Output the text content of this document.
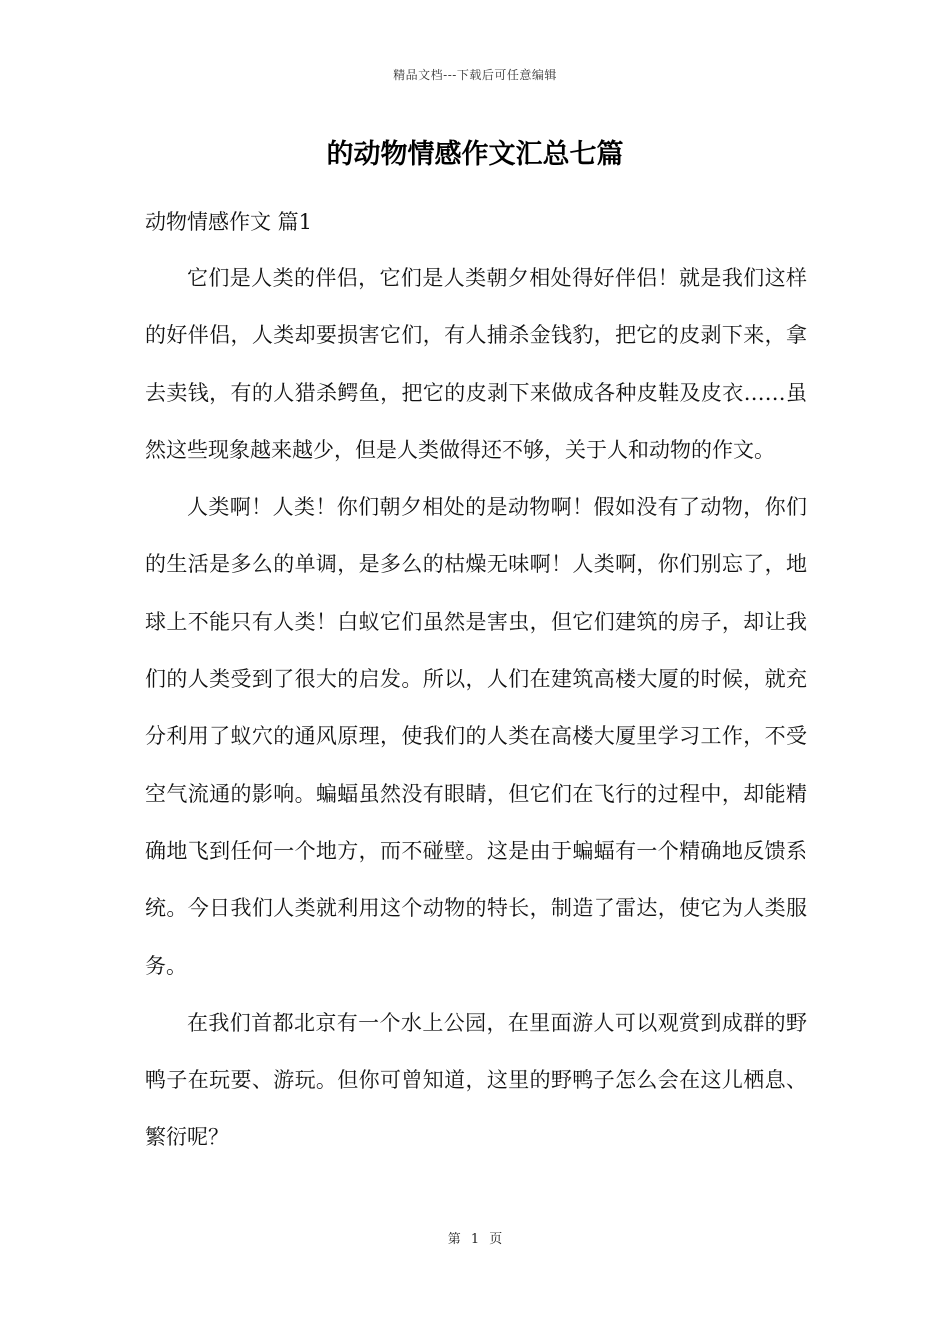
精品文档---下载后可任意编辑
的动物情感作文汇总七篇
动物情感作文 篇1

它们是人类的伴侣，它们是人类朝夕相处得好伴侣！就是我们这样的好伴侣，人类却要损害它们，有人捕杀金钱豹，把它的皮剥下来，拿去卖钱，有的人猎杀鳄鱼，把它的皮剥下来做成各种皮鞋及皮衣……虽然这些现象越来越少，但是人类做得还不够，关于人和动物的作文。

人类啊！人类！你们朝夕相处的是动物啊！假如没有了动物，你们的生活是多么的单调，是多么的枯燥无味啊！人类啊，你们别忘了，地球上不能只有人类！白蚁它们虽然是害虫，但它们建筑的房子，却让我们的人类受到了很大的启发。所以，人们在建筑高楼大厦的时候，就充分利用了蚁穴的通风原理，使我们的人类在高楼大厦里学习工作，不受空气流通的影响。蝙蝠虽然没有眼睛，但它们在飞行的过程中，却能精确地飞到任何一个地方，而不碰壁。这是由于蝙蝠有一个精确地反馈系统。今日我们人类就利用这个动物的特长，制造了雷达，使它为人类服务。

在我们首都北京有一个水上公园，在里面游人可以观赏到成群的野鸭子在玩要、游玩。但你可曾知道，这里的野鸭子怎么会在这儿栖息、繁衍呢？

第 1 页
